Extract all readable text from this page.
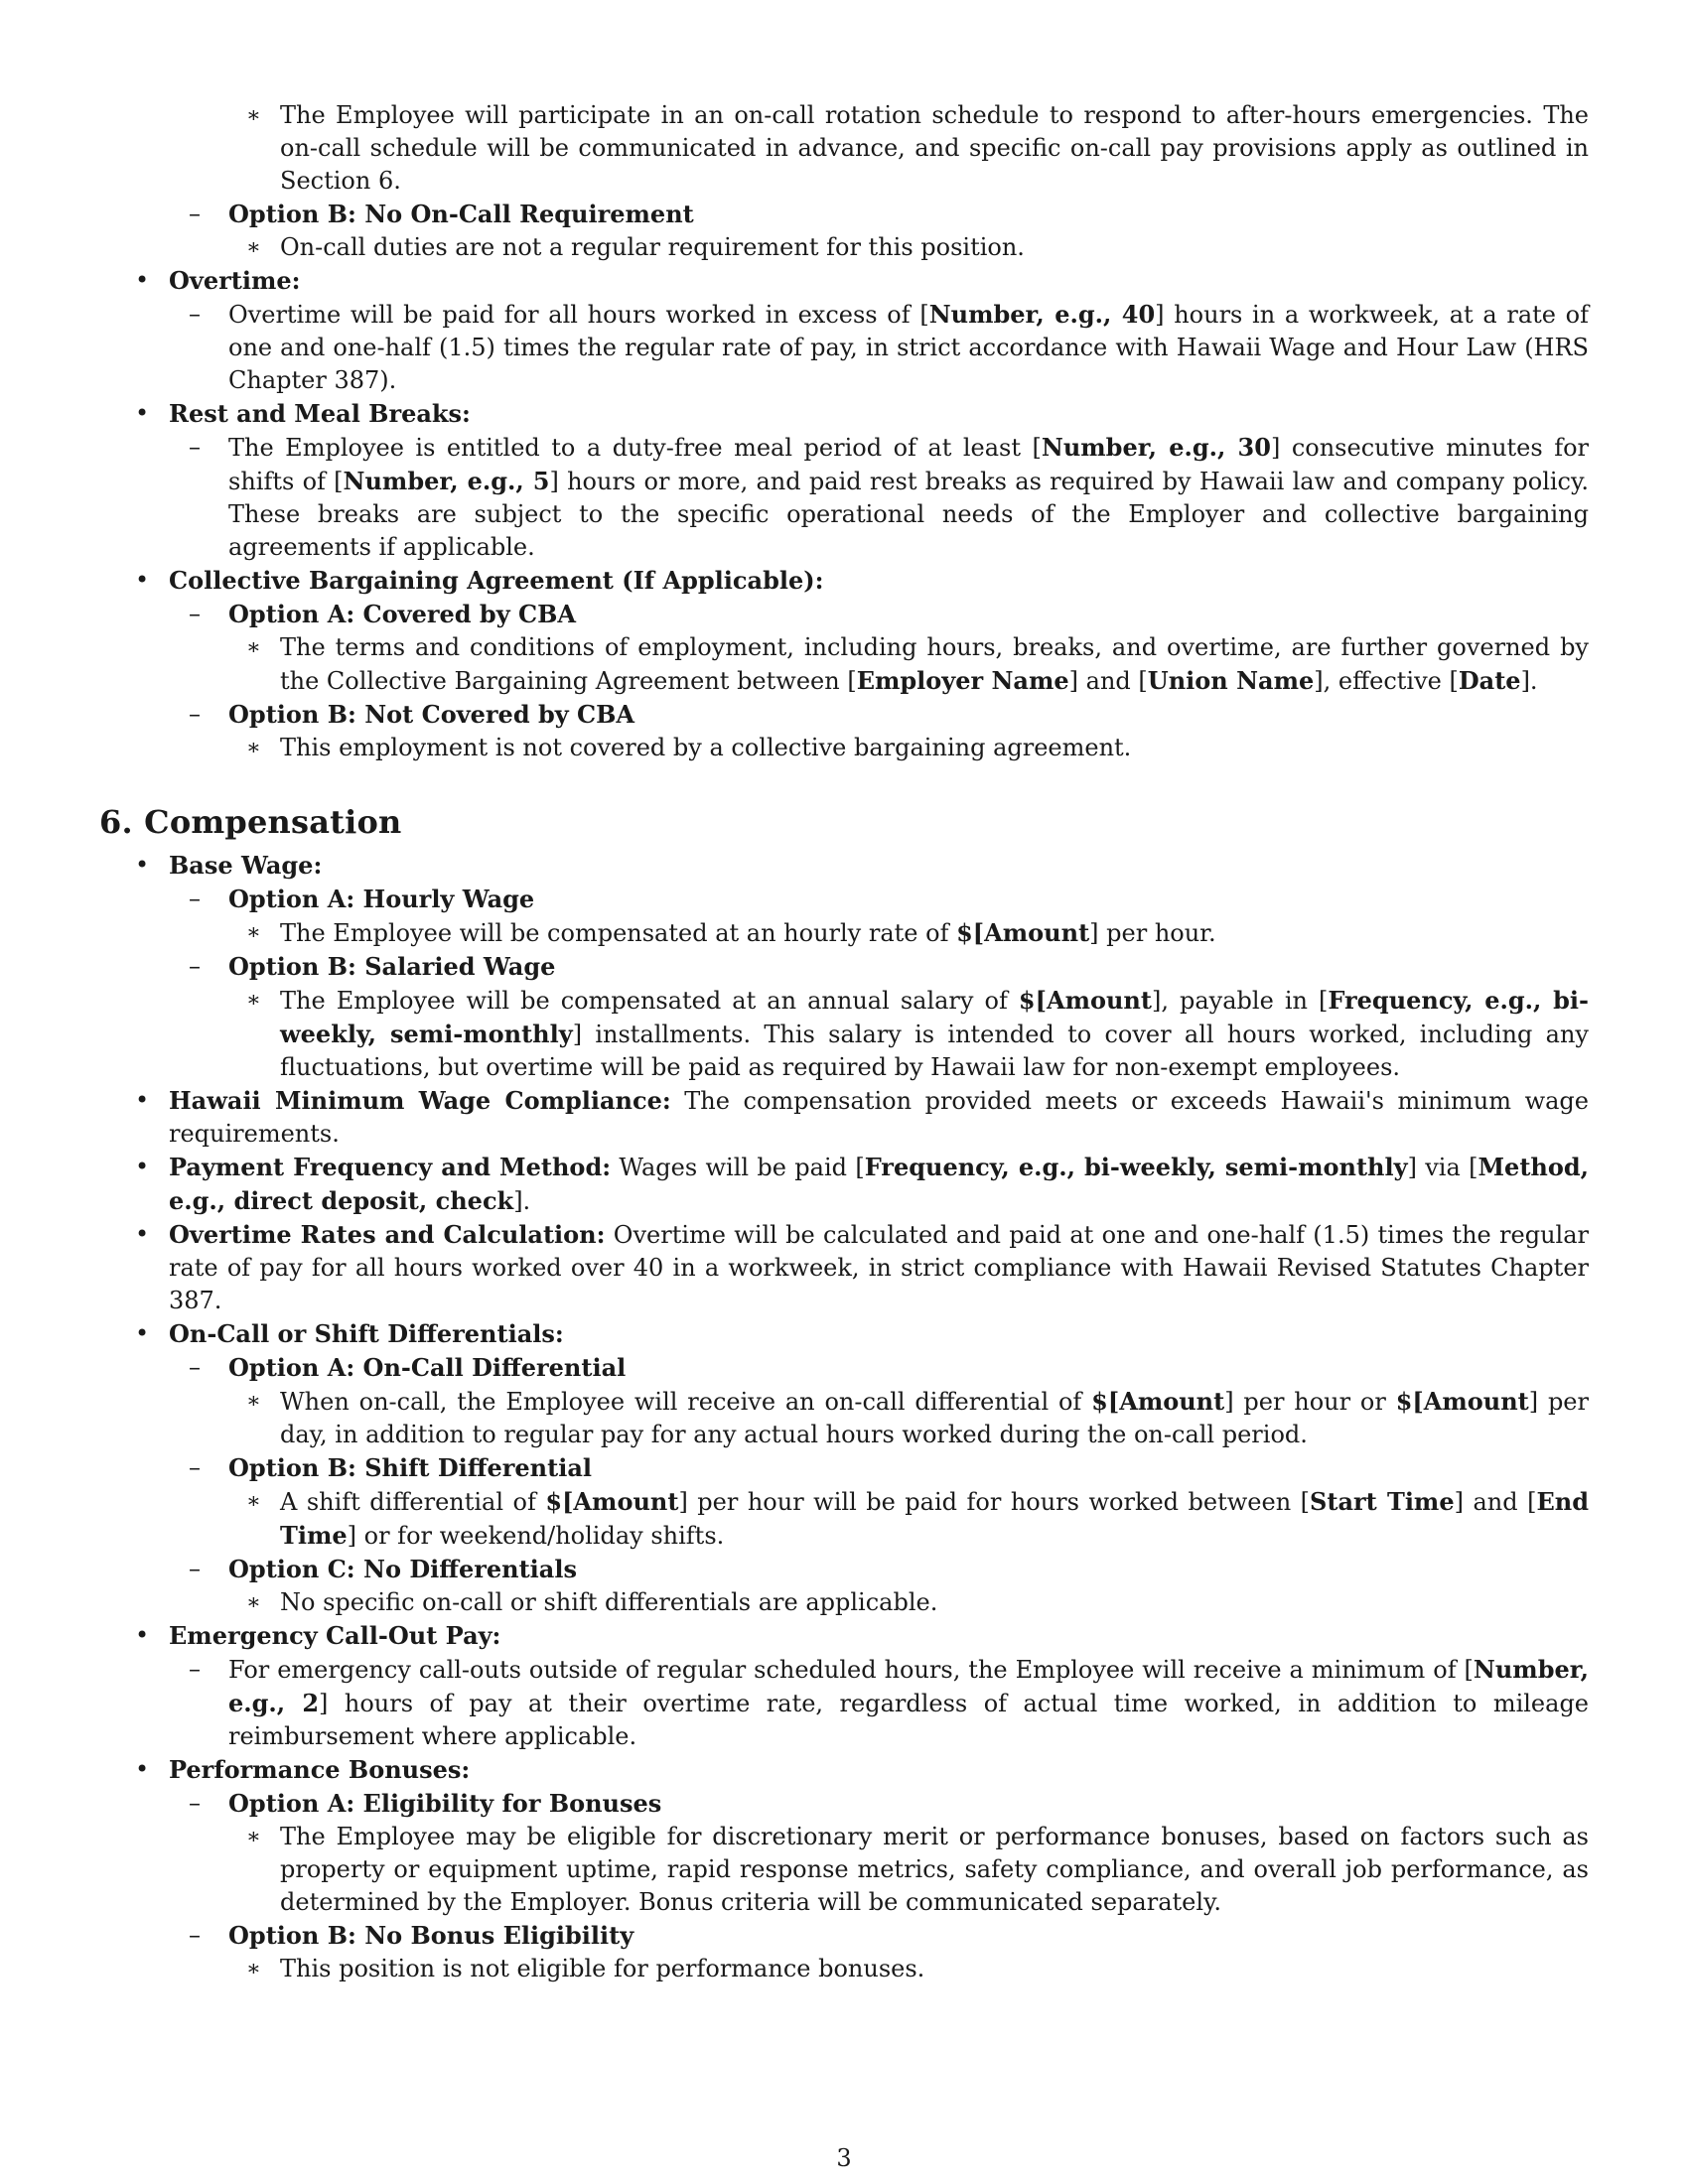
∗ The Employee will participate in an on-call rotation schedule to respond to after-hours emergencies. The on-call schedule will be communicated in advance, and specific on-call pay provisions apply as outlined in Section 6.
– Option B: No On-Call Requirement
∗ On-call duties are not a regular requirement for this position.
• Overtime:
– Overtime will be paid for all hours worked in excess of [Number, e.g., 40] hours in a workweek, at a rate of one and one-half (1.5) times the regular rate of pay, in strict accordance with Hawaii Wage and Hour Law (HRS Chapter 387).
• Rest and Meal Breaks:
– The Employee is entitled to a duty-free meal period of at least [Number, e.g., 30] consecutive minutes for shifts of [Number, e.g., 5] hours or more, and paid rest breaks as required by Hawaii law and company policy. These breaks are subject to the specific operational needs of the Employer and collective bargaining agreements if applicable.
• Collective Bargaining Agreement (If Applicable):
– Option A: Covered by CBA
∗ The terms and conditions of employment, including hours, breaks, and overtime, are further governed by the Collective Bargaining Agreement between [Employer Name] and [Union Name], effective [Date].
– Option B: Not Covered by CBA
∗ This employment is not covered by a collective bargaining agreement.
6. Compensation
• Base Wage:
– Option A: Hourly Wage
∗ The Employee will be compensated at an hourly rate of $[Amount] per hour.
– Option B: Salaried Wage
∗ The Employee will be compensated at an annual salary of $[Amount], payable in [Frequency, e.g., bi-weekly, semi-monthly] installments. This salary is intended to cover all hours worked, including any fluctuations, but overtime will be paid as required by Hawaii law for non-exempt employees.
• Hawaii Minimum Wage Compliance: The compensation provided meets or exceeds Hawaii's minimum wage requirements.
• Payment Frequency and Method: Wages will be paid [Frequency, e.g., bi-weekly, semi-monthly] via [Method, e.g., direct deposit, check].
• Overtime Rates and Calculation: Overtime will be calculated and paid at one and one-half (1.5) times the regular rate of pay for all hours worked over 40 in a workweek, in strict compliance with Hawaii Revised Statutes Chapter 387.
• On-Call or Shift Differentials:
– Option A: On-Call Differential
∗ When on-call, the Employee will receive an on-call differential of $[Amount] per hour or $[Amount] per day, in addition to regular pay for any actual hours worked during the on-call period.
– Option B: Shift Differential
∗ A shift differential of $[Amount] per hour will be paid for hours worked between [Start Time] and [End Time] or for weekend/holiday shifts.
– Option C: No Differentials
∗ No specific on-call or shift differentials are applicable.
• Emergency Call-Out Pay:
– For emergency call-outs outside of regular scheduled hours, the Employee will receive a minimum of [Number, e.g., 2] hours of pay at their overtime rate, regardless of actual time worked, in addition to mileage reimbursement where applicable.
• Performance Bonuses:
– Option A: Eligibility for Bonuses
∗ The Employee may be eligible for discretionary merit or performance bonuses, based on factors such as property or equipment uptime, rapid response metrics, safety compliance, and overall job performance, as determined by the Employer. Bonus criteria will be communicated separately.
– Option B: No Bonus Eligibility
∗ This position is not eligible for performance bonuses.
3
